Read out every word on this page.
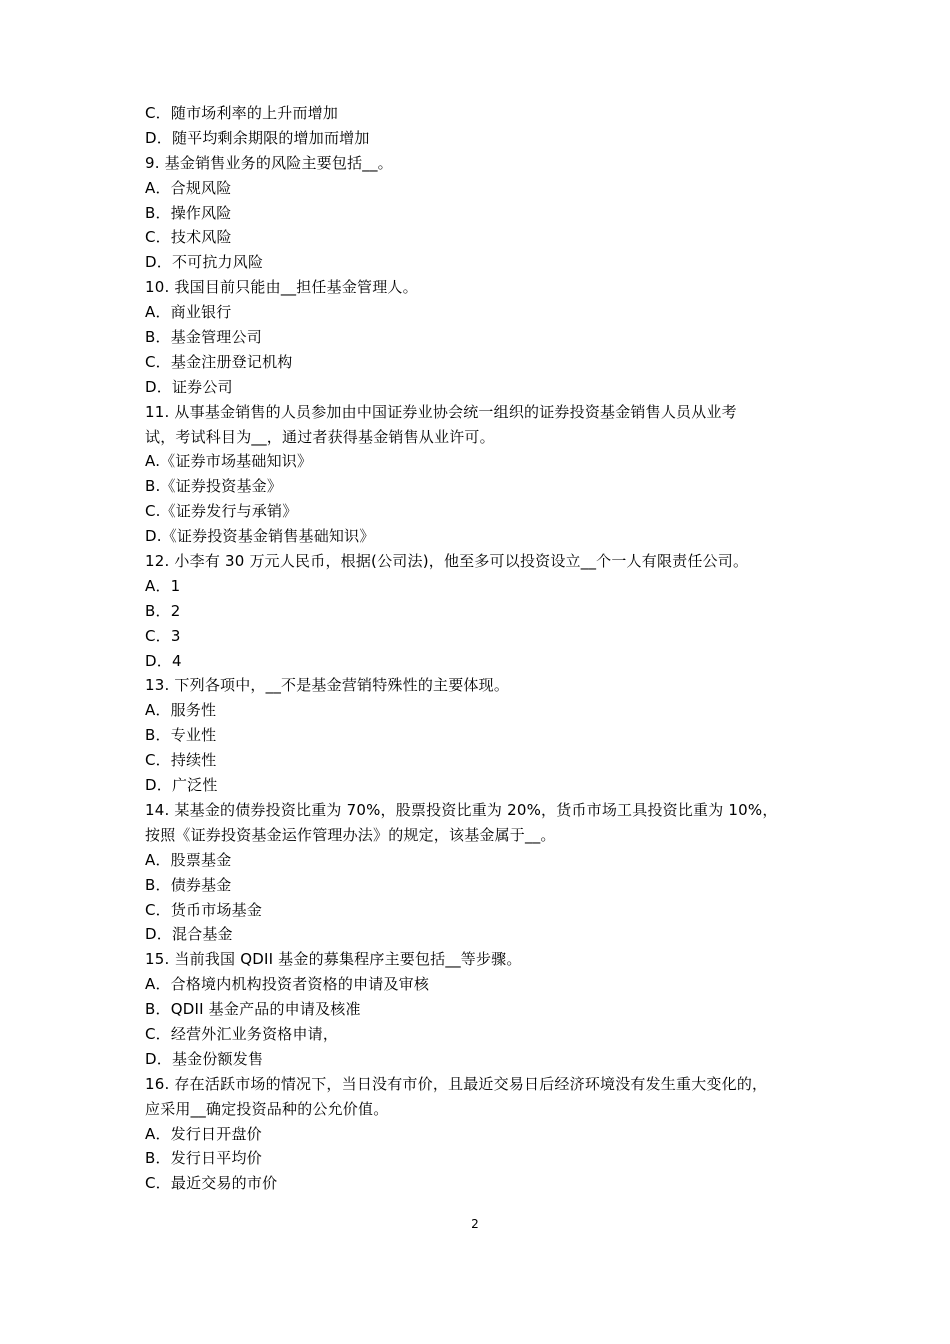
C．随市场利率的上升而增加
D．随平均剩余期限的增加而增加
9. 基金销售业务的风险主要包括__。
A．合规风险
B．操作风险
C．技术风险
D．不可抗力风险
10. 我国目前只能由__担任基金管理人。
A．商业银行
B．基金管理公司
C．基金注册登记机构
D．证券公司
11. 从事基金销售的人员参加由中国证券业协会统一组织的证券投资基金销售人员从业考
试，考试科目为__，通过者获得基金销售从业许可。
A.《证券市场基础知识》
B.《证券投资基金》
C.《证券发行与承销》
D.《证券投资基金销售基础知识》
12. 小李有 30 万元人民币，根据(公司法)，他至多可以投资设立__个一人有限责任公司。
A．1
B．2
C．3
D．4
13. 下列各项中，__不是基金营销特殊性的主要体现。
A．服务性
B．专业性
C．持续性
D．广泛性
14. 某基金的债券投资比重为 70%，股票投资比重为 20%，货币市场工具投资比重为 10%，
按照《证券投资基金运作管理办法》的规定，该基金属于__。
A．股票基金
B．债券基金
C．货币市场基金
D．混合基金
15. 当前我国 QDII 基金的募集程序主要包括__等步骤。
A．合格境内机构投资者资格的申请及审核
B．QDII 基金产品的申请及核准
C．经营外汇业务资格申请，
D．基金份额发售
16. 存在活跃市场的情况下，当日没有市价，且最近交易日后经济环境没有发生重大变化的，
应采用__确定投资品种的公允价值。
A．发行日开盘价
B．发行日平均价
C．最近交易的市价
2
